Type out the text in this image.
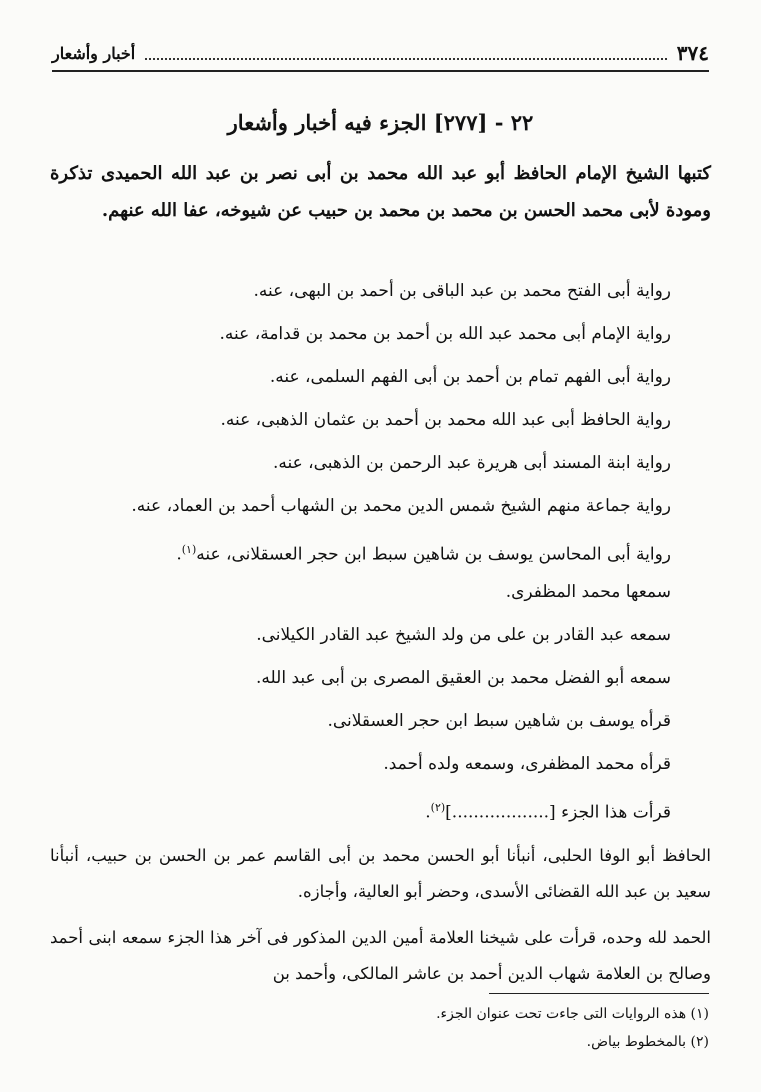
٣٧٤
أخبار وأشعار
٢٢ - [٢٧٧] الجزء فيه أخبار وأشعار
كتبها الشيخ الإمام الحافظ أبو عبد الله محمد بن أبى نصر بن عبد الله الحميدى تذكرة ومودة لأبى محمد الحسن بن محمد بن محمد بن حبيب عن شيوخه، عفا الله عنهم.
رواية أبى الفتح محمد بن عبد الباقى بن أحمد بن البهى، عنه.
رواية الإمام أبى محمد عبد الله بن أحمد بن محمد بن قدامة، عنه.
رواية أبى الفهم تمام بن أحمد بن أبى الفهم السلمى، عنه.
رواية الحافظ أبى عبد الله محمد بن أحمد بن عثمان الذهبى، عنه.
رواية ابنة المسند أبى هريرة عبد الرحمن بن الذهبى، عنه.
رواية جماعة منهم الشيخ شمس الدين محمد بن الشهاب أحمد بن العماد، عنه.
رواية أبى المحاسن يوسف بن شاهين سبط ابن حجر العسقلانى، عنه$^{(١)}$.
سمعها محمد المظفرى.
سمعه عبد القادر بن على من ولد الشيخ عبد القادر الكيلانى.
سمعه أبو الفضل محمد بن العقيق المصرى بن أبى عبد الله.
قرأه يوسف بن شاهين سبط ابن حجر العسقلانى.
قرأه محمد المظفرى، وسمعه ولده أحمد.
قرأت هذا الجزء [..................]$^{(٢)}$.
الحافظ أبو الوفا الحلبى، أنبأنا أبو الحسن محمد بن أبى القاسم عمر بن الحسن بن حبيب، أنبأنا سعيد بن عبد الله القضائى الأسدى، وحضر أبو العالية، وأجازه.
الحمد لله وحده، قرأت على شيخنا العلامة أمين الدين المذكور فى آخر هذا الجزء سمعه ابنى أحمد وصالح بن العلامة شهاب الدين أحمد بن عاشر المالكى، وأحمد بن
(١) هذه الروايات التى جاءت تحت عنوان الجزء.
(٢) بالمخطوط بياض.
